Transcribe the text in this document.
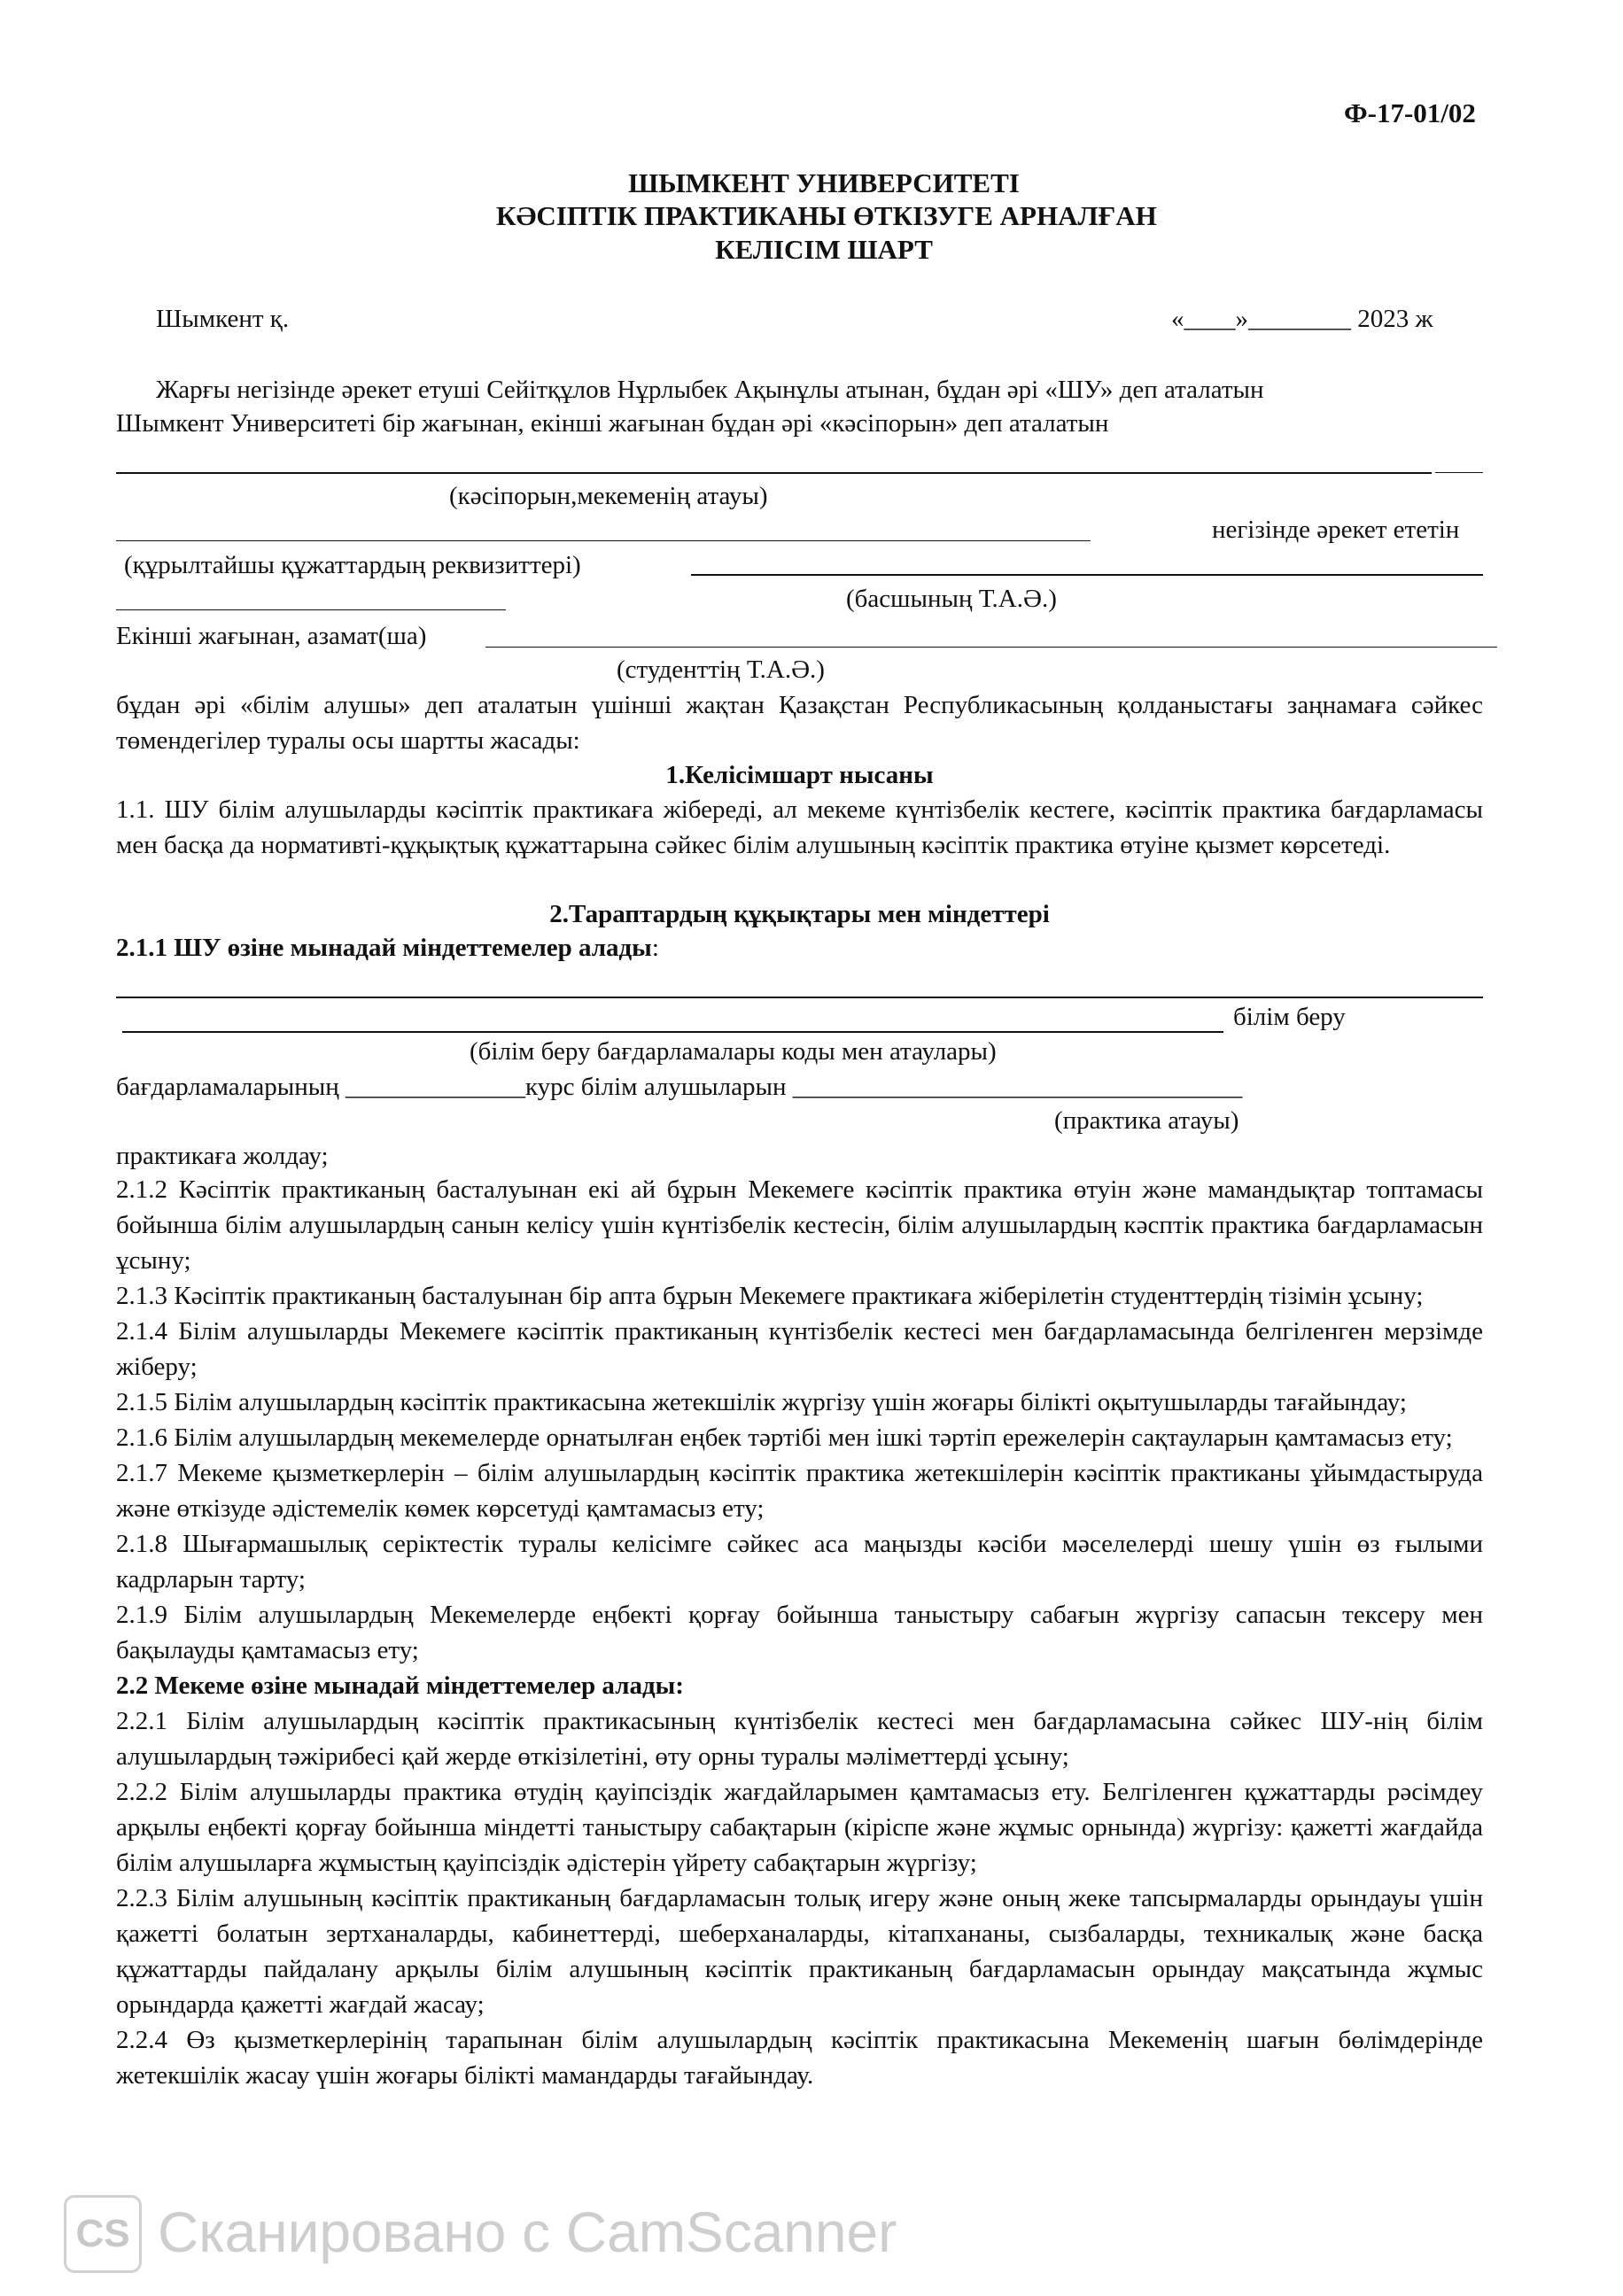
Ф-17-01/02
ШЫМКЕНТ УНИВЕРСИТЕТІ
КӘСІПТІК ПРАКТИКАНЫ ӨТКІЗУГЕ АРНАЛҒАН
КЕЛІСІМ ШАРТ
Шымкент қ.	«____»________ 2023 ж
Жарғы негізінде әрекет етуші Сейітқұлов Нұрлыбек Ақынұлы атынан, бұдан әрі «ШУ» деп аталатын
Шымкент Университеті бір жағынан, екінші жағынан бұдан әрі «кәсіпорын» деп аталатын
(кәсіпорын,мекеменің атауы)
негізінде әрекет ететін
(құрылтайшы құжаттардың реквизиттері)
(басшының Т.А.Ә.)
Екінші жағынан, азамат(ша)
(студенттің Т.А.Ә.)

бұдан әрі «білім алушы» деп аталатын үшінші жақтан Қазақстан Республикасының қолданыстағы заңнамаға сәйкес төмендегілер туралы осы шартты жасады:

1.Келісімшарт нысаны

1.1. ШУ білім алушыларды кәсіптік практикаға жібереді, ал мекеме күнтізбелік кестеге, кәсіптік практика бағдарламасы мен басқа да нормативті-құқықтық құжаттарына сәйкес білім алушының кәсіптік практика өтуіне қызмет көрсетеді.

2.Тараптардың құқықтары мен міндеттері
2.1.1 ШУ өзіне мынадай міндеттемелер алады:
білім беру
(білім беру бағдарламалары коды мен атаулары)
бағдарламаларының ______________курс білім алушыларын ___________________________________
(практика атауы)
практикаға жолдау;

2.1.2 Кәсіптік практиканың басталуынан екі ай бұрын Мекемеге кәсіптік практика өтуін және мамандықтар топтамасы бойынша білім алушылардың санын келісу үшін күнтізбелік кестесін, білім алушылардың кәсптік практика бағдарламасын ұсыну;

2.1.3 Кәсіптік практиканың басталуынан бір апта бұрын Мекемеге практикаға жіберілетін студенттердің тізімін ұсыну;

2.1.4 Білім алушыларды Мекемеге кәсіптік практиканың күнтізбелік кестесі мен бағдарламасында белгіленген мерзімде жіберу;

2.1.5 Білім алушылардың кәсіптік практикасына жетекшілік жүргізу үшін жоғары білікті оқытушыларды тағайындау;

2.1.6 Білім алушылардың мекемелерде орнатылған еңбек тәртібі мен ішкі тәртіп ережелерін сақтауларын қамтамасыз ету;

2.1.7 Мекеме қызметкерлерін – білім алушылардың кәсіптік практика жетекшілерін кәсіптік практиканы ұйымдастыруда және өткізуде әдістемелік көмек көрсетуді қамтамасыз ету;

2.1.8 Шығармашылық серіктестік туралы келісімге сәйкес аса маңызды кәсіби мәселелерді шешу үшін өз ғылыми кадрларын тарту;

2.1.9 Білім алушылардың Мекемелерде еңбекті қорғау бойынша таныстыру сабағын жүргізу сапасын тексеру мен бақылауды қамтамасыз ету;

2.2 Мекеме өзіне мынадай міндеттемелер алады:

2.2.1 Білім алушылардың кәсіптік практикасының күнтізбелік кестесі мен бағдарламасына сәйкес ШУ-нің білім алушылардың тәжірибесі қай жерде өткізілетіні, өту орны туралы мәліметтерді ұсыну;

2.2.2 Білім алушыларды практика өтудің қауіпсіздік жағдайларымен қамтамасыз ету. Белгіленген құжаттарды рәсімдеу арқылы еңбекті қорғау бойынша міндетті таныстыру сабақтарын (кіріспе және жұмыс орнында) жүргізу: қажетті жағдайда білім алушыларға жұмыстың қауіпсіздік әдістерін үйрету сабақтарын жүргізу;

2.2.3 Білім алушының кәсіптік практиканың бағдарламасын толық игеру және оның жеке тапсырмаларды орындауы үшін қажетті болатын зертханаларды, кабинеттерді, шеберханаларды, кітапхананы, сызбаларды, техникалық және басқа құжаттарды пайдалану арқылы білім алушының кәсіптік практиканың бағдарламасын орындау мақсатында жұмыс орындарда қажетті жағдай жасау;

2.2.4 Өз қызметкерлерінің тарапынан білім алушылардың кәсіптік практикасына Мекеменің шағын бөлімдерінде жетекшілік жасау үшін жоғары білікті мамандарды тағайындау.

CS Сканировано с CamScanner
